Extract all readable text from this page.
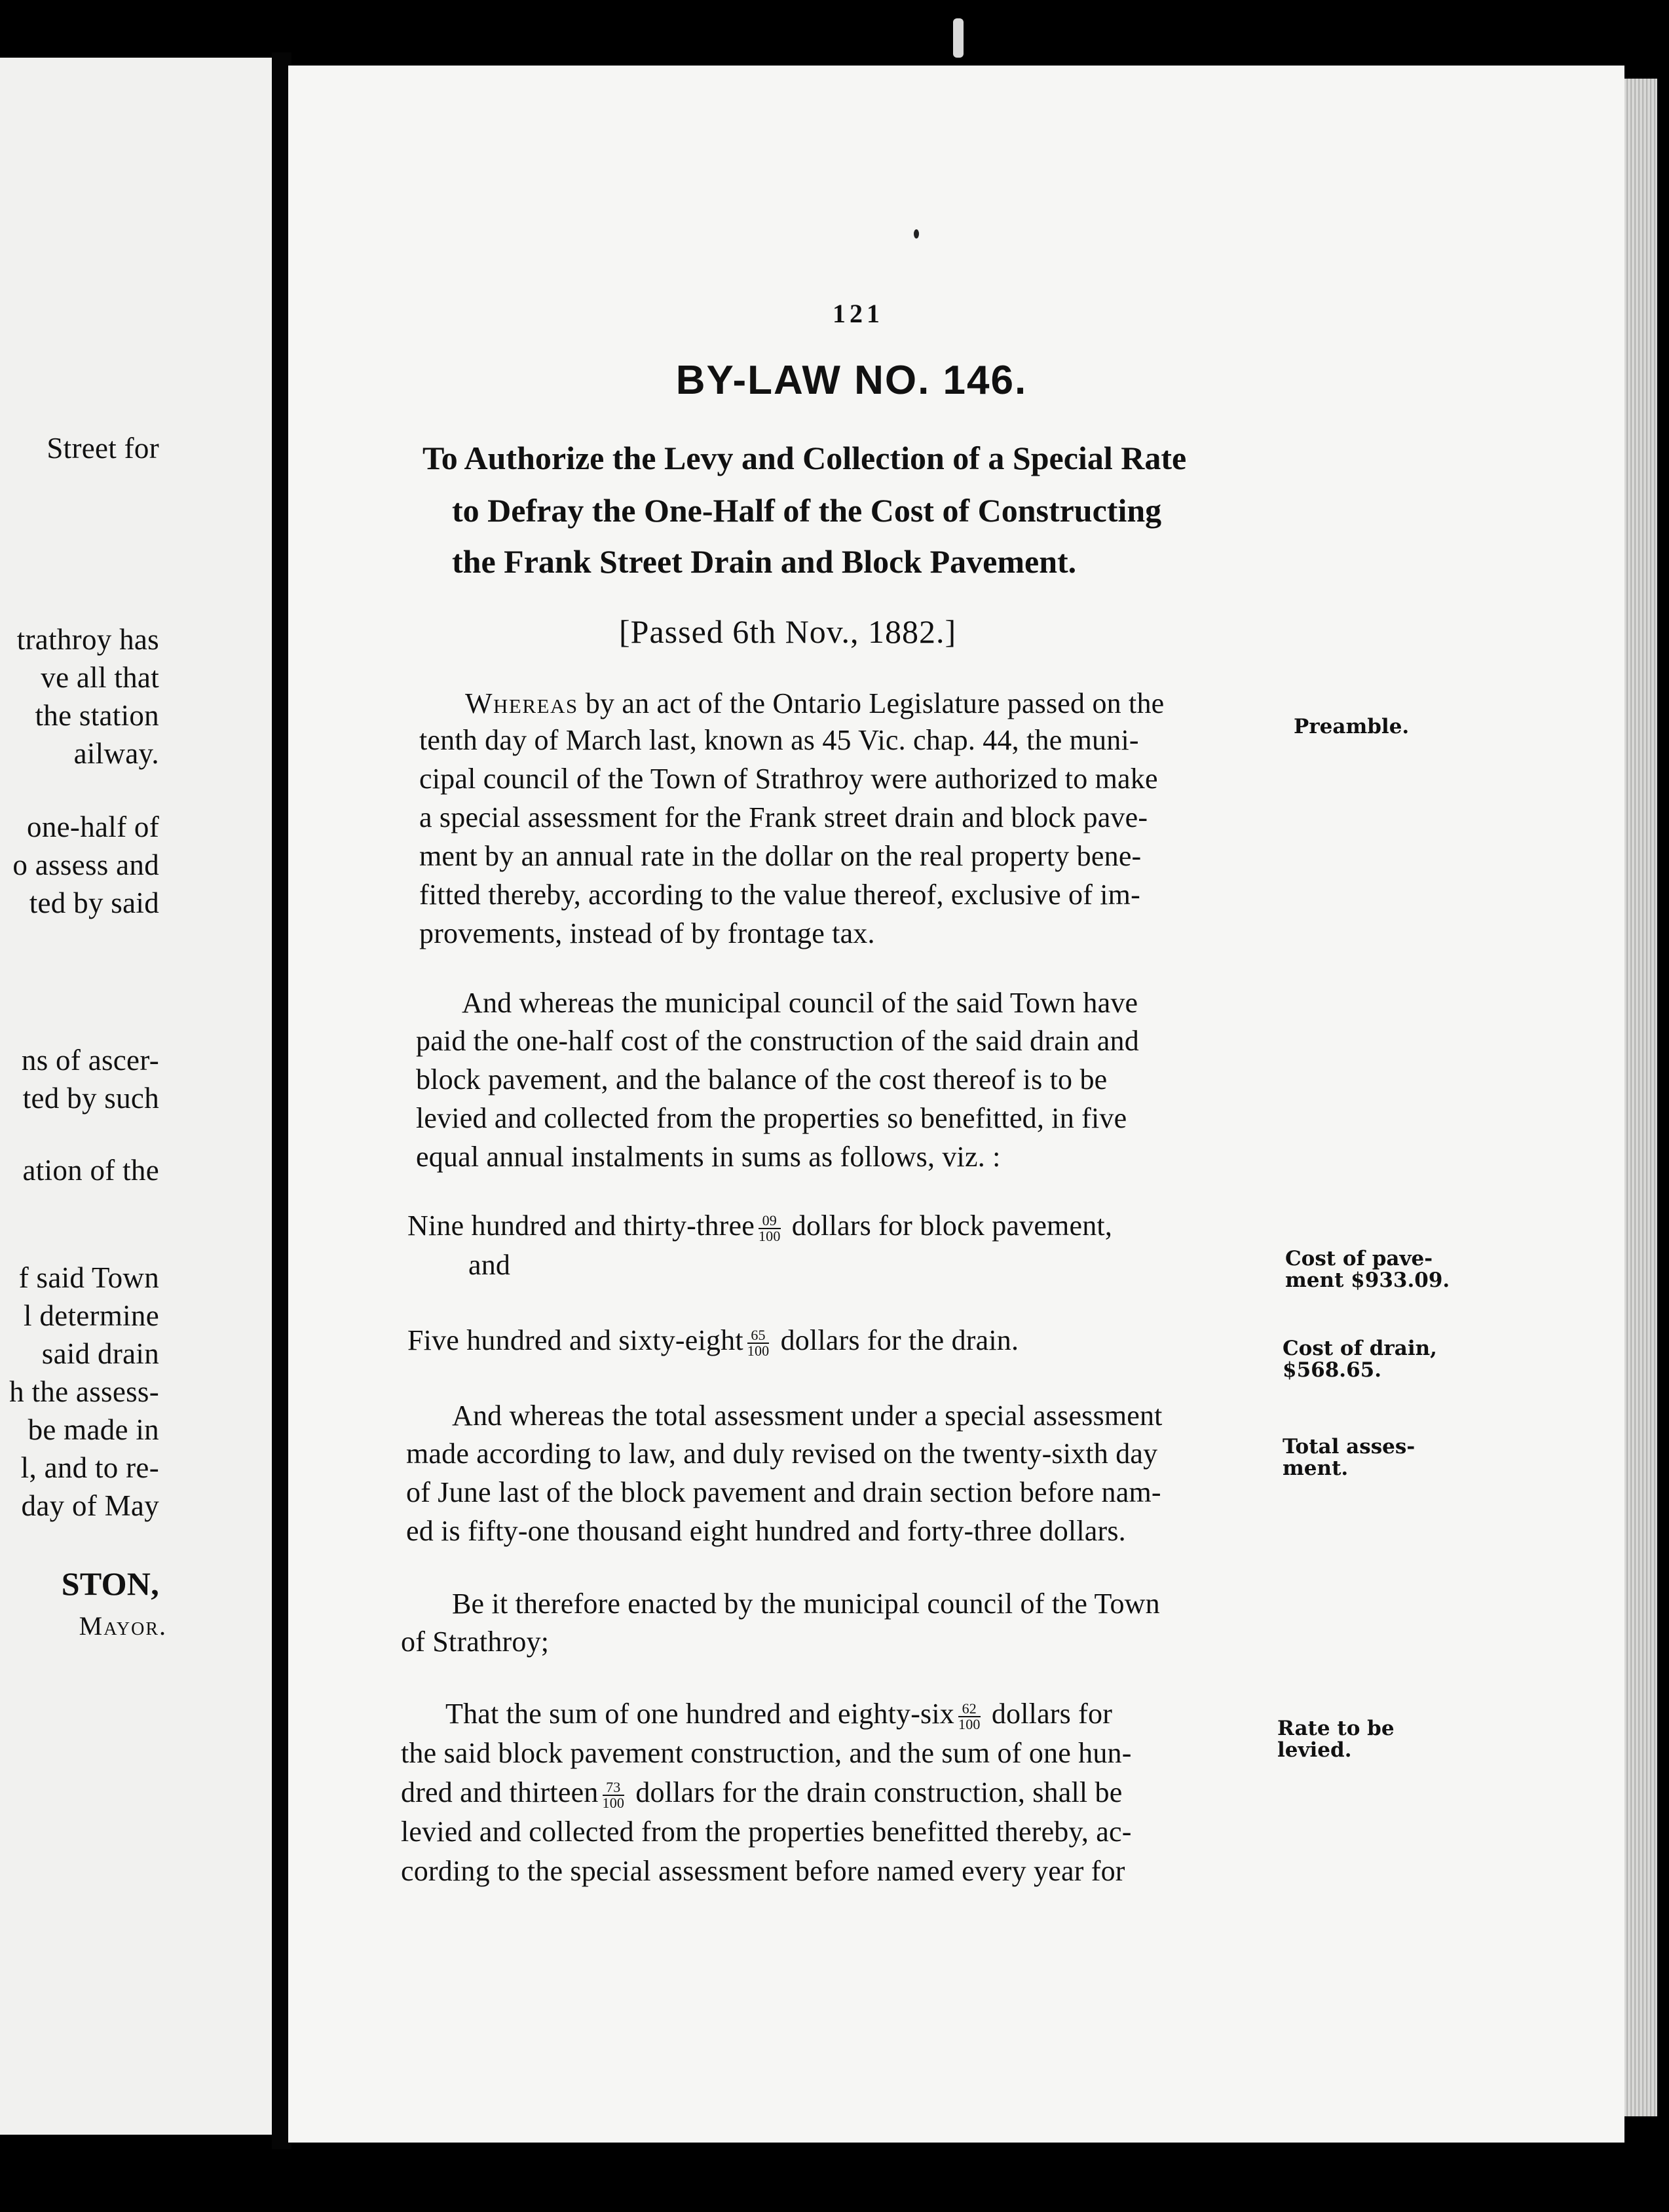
Street for
trathroy has
ve all that
the station
ailway.
one-half of
o assess and
ted by said
ns of ascer-
ted by such
ation of the
f said Town
l determine
said drain
h the assess-
be made in
l, and to re-
day of May
STON,
Mayor.
121
BY-LAW NO. 146.
To Authorize the Levy and Collection of a Special Rate
to Defray the One-Half of the Cost of Constructing
the Frank Street Drain and Block Pavement.
[Passed 6th Nov., 1882.]
Whereas by an act of the Ontario Legislature passed on the
tenth day of March last, known as 45 Vic. chap. 44, the muni-
cipal council of the Town of Strathroy were authorized to make
a special assessment for the Frank street drain and block pave-
ment by an annual rate in the dollar on the real property bene-
fitted thereby, according to the value thereof, exclusive of im-
provements, instead of by frontage tax.
And whereas the municipal council of the said Town have
paid the one-half cost of the construction of the said drain and
block pavement, and the balance of the cost thereof is to be
levied and collected from the properties so benefitted, in five
equal annual instalments in sums as follows, viz. :
Nine hundred and thirty-three $\frac{09}{100}$ dollars for block pavement,
and
Five hundred and sixty-eight $\frac{65}{100}$ dollars for the drain.
And whereas the total assessment under a special assessment
made according to law, and duly revised on the twenty-sixth day
of June last of the block pavement and drain section before nam-
ed is fifty-one thousand eight hundred and forty-three dollars.
Be it therefore enacted by the municipal council of the Town
of Strathroy;
That the sum of one hundred and eighty-six $\frac{62}{100}$ dollars for
the said block pavement construction, and the sum of one hun-
dred and thirteen $\frac{73}{100}$ dollars for the drain construction, shall be
levied and collected from the properties benefitted thereby, ac-
cording to the special assessment before named every year for
Preamble.
Cost of pave-
ment $933.09.
Cost of drain,
$568.65.
Total asses-
ment.
Rate to be
levied.
